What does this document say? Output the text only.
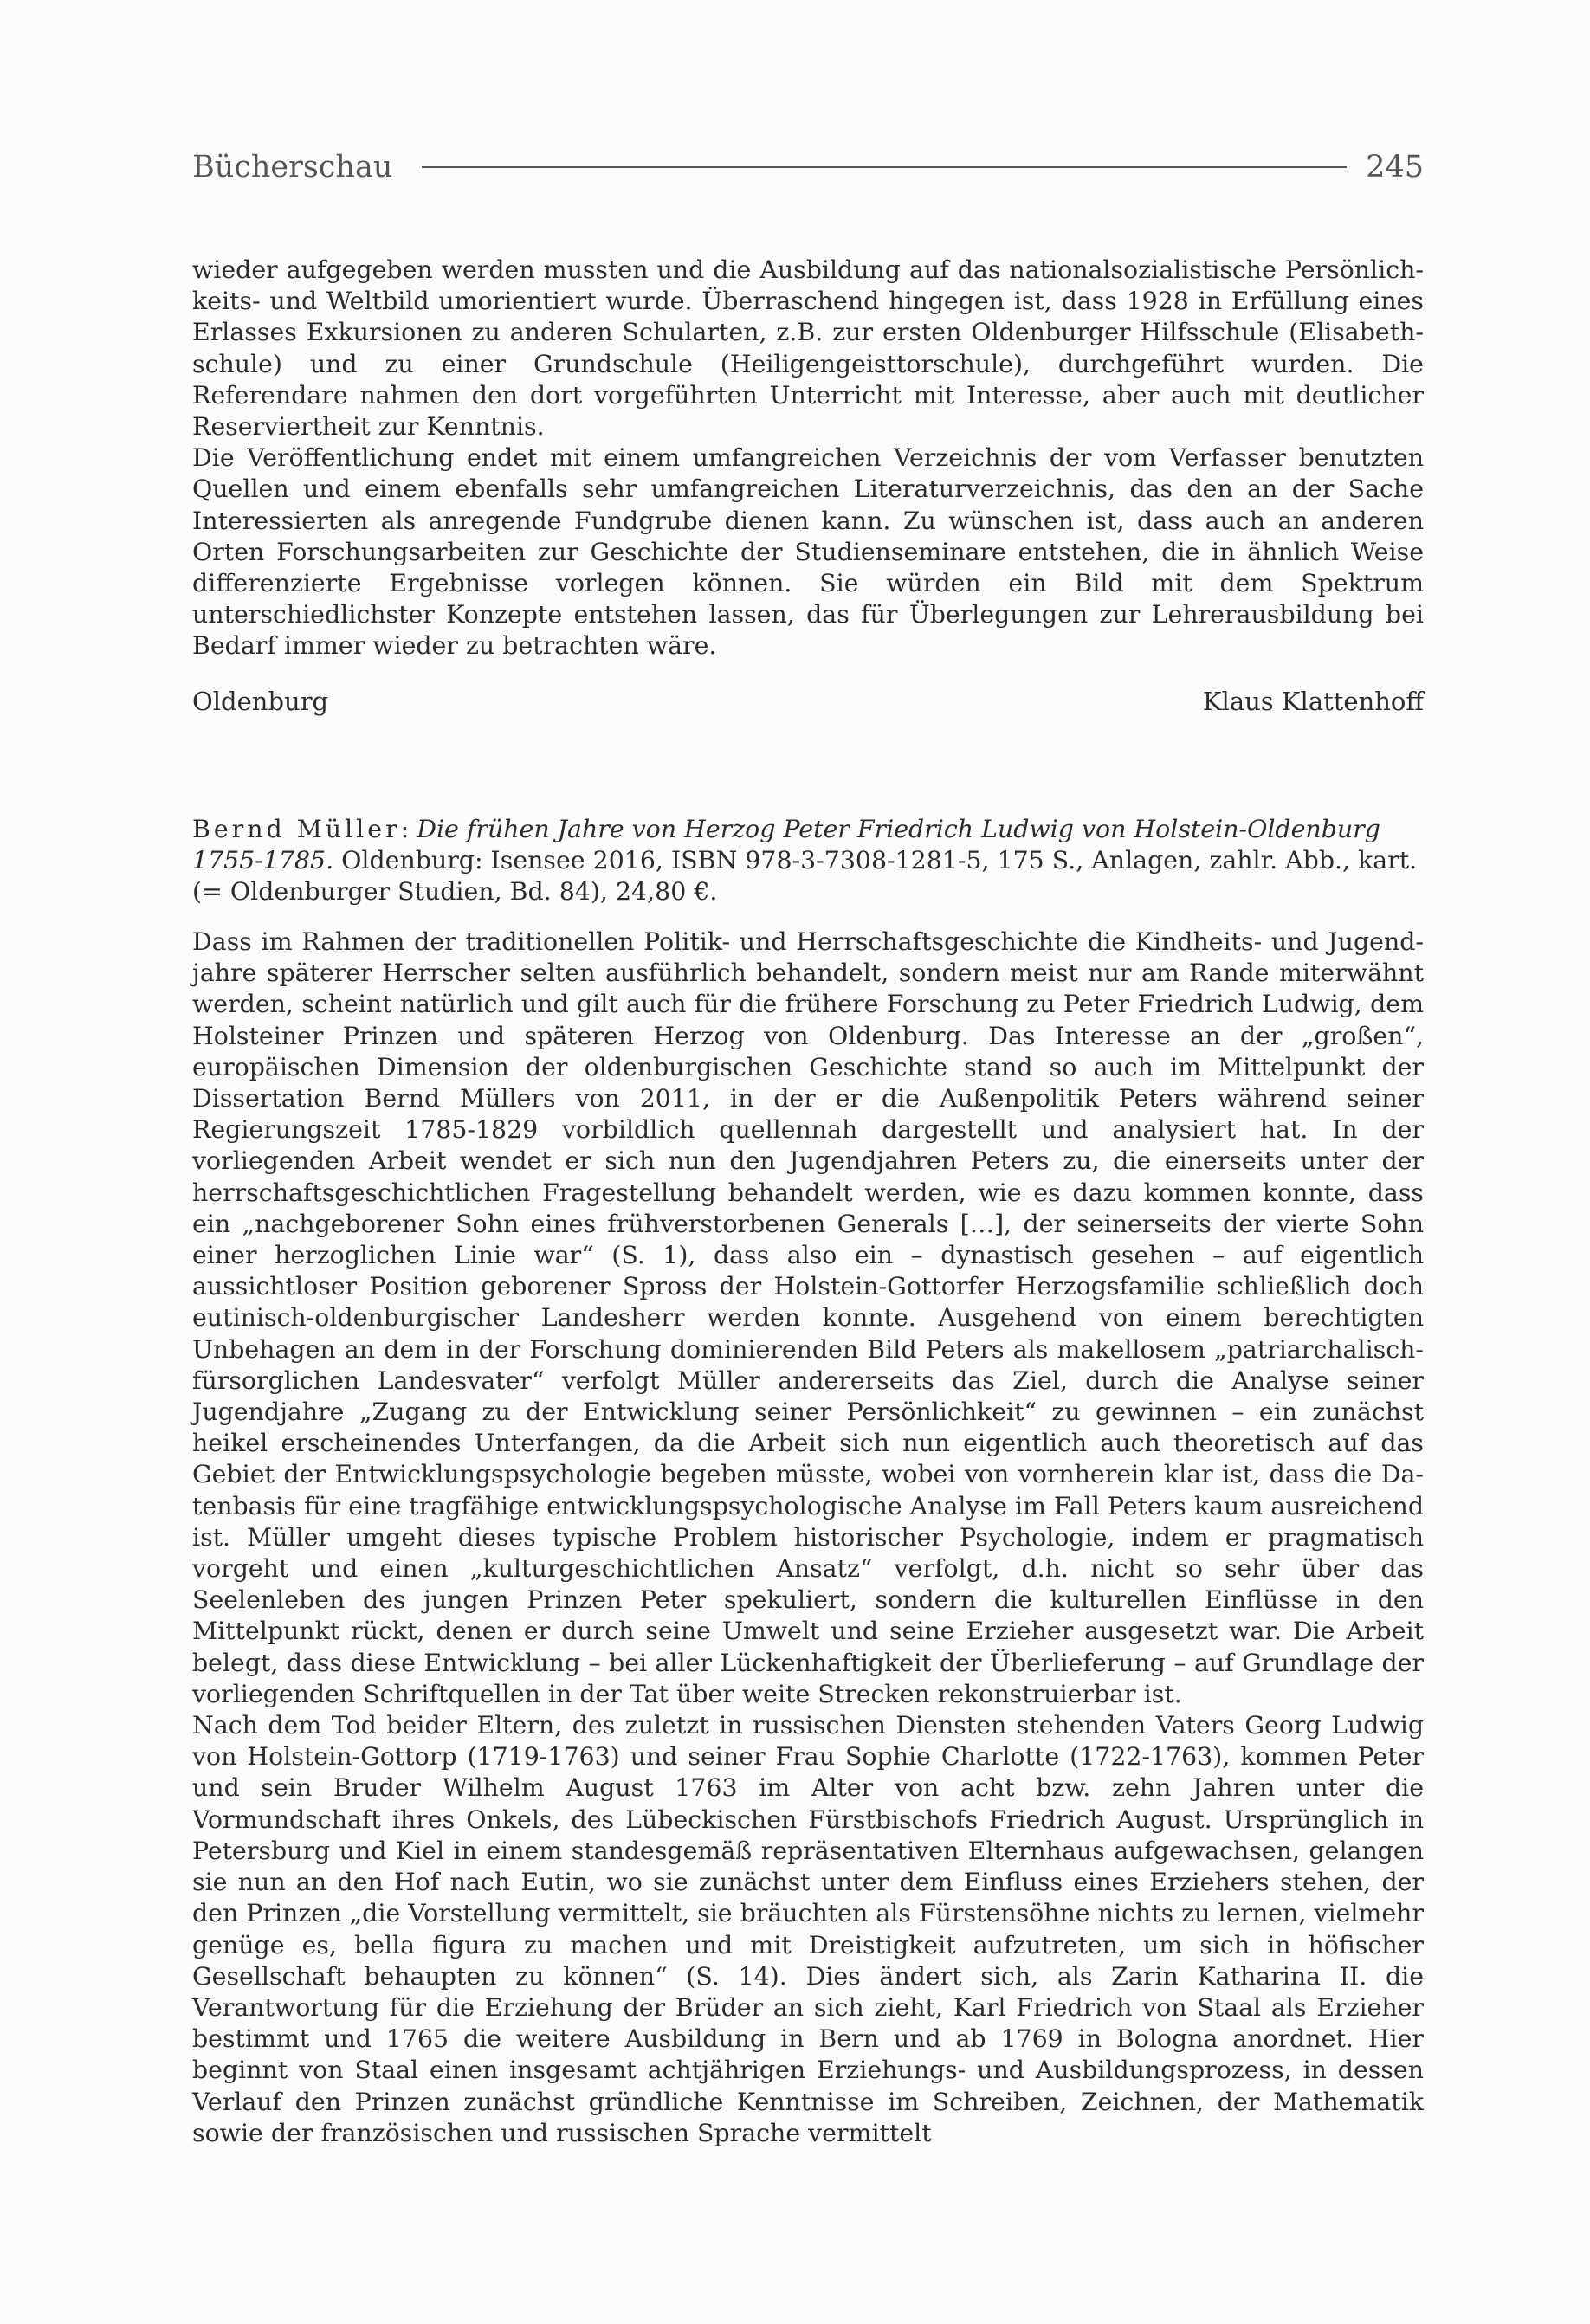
Bücherschau	245

wieder aufgegeben werden mussten und die Ausbildung auf das nationalsozialistische Persönlichkeits- und Weltbild umorientiert wurde. Überraschend hingegen ist, dass 1928 in Erfüllung eines Erlasses Exkursionen zu anderen Schularten, z.B. zur ersten Oldenburger Hilfsschule (Elisabethschule) und zu einer Grundschule (Heiligengeisttorschule), durchgeführt wurden. Die Referendare nahmen den dort vorgeführten Unterricht mit Interesse, aber auch mit deutlicher Reserviertheit zur Kenntnis.

Die Veröffentlichung endet mit einem umfangreichen Verzeichnis der vom Verfasser benutzten Quellen und einem ebenfalls sehr umfangreichen Literaturverzeichnis, das den an der Sache Interessierten als anregende Fundgrube dienen kann. Zu wünschen ist, dass auch an anderen Orten Forschungsarbeiten zur Geschichte der Studienseminare entstehen, die in ähnlich Weise differenzierte Ergebnisse vorlegen können. Sie würden ein Bild mit dem Spektrum unterschiedlichster Konzepte entstehen lassen, das für Überlegungen zur Lehrerausbildung bei Bedarf immer wieder zu betrachten wäre.

Oldenburg	Klaus Klattenhoff

Bernd Müller: Die frühen Jahre von Herzog Peter Friedrich Ludwig von Holstein-Oldenburg 1755-1785. Oldenburg: Isensee 2016, ISBN 978-3-7308-1281-5, 175 S., Anlagen, zahlr. Abb., kart. (= Oldenburger Studien, Bd. 84), 24,80 €.

Dass im Rahmen der traditionellen Politik- und Herrschaftsgeschichte die Kindheits- und Jugendjahre späterer Herrscher selten ausführlich behandelt, sondern meist nur am Rande miterwähnt werden, scheint natürlich und gilt auch für die frühere Forschung zu Peter Friedrich Ludwig, dem Holsteiner Prinzen und späteren Herzog von Oldenburg. Das Interesse an der „großen“, europäischen Dimension der oldenburgischen Geschichte stand so auch im Mittelpunkt der Dissertation Bernd Müllers von 2011, in der er die Außenpolitik Peters während seiner Regierungszeit 1785-1829 vorbildlich quellennah dargestellt und analysiert hat. In der vorliegenden Arbeit wendet er sich nun den Jugendjahren Peters zu, die einerseits unter der herrschaftsgeschichtlichen Fragestellung behandelt werden, wie es dazu kommen konnte, dass ein „nachgeborener Sohn eines frühverstorbenen Generals […], der seinerseits der vierte Sohn einer herzoglichen Linie war“ (S. 1), dass also ein – dynastisch gesehen – auf eigentlich aussichtloser Position geborener Spross der Holstein-Gottorfer Herzogsfamilie schließlich doch eutinisch-oldenburgischer Landesherr werden konnte. Ausgehend von einem berechtigten Unbehagen an dem in der Forschung dominierenden Bild Peters als makellosem „patriarchalisch-fürsorglichen Landesvater“ verfolgt Müller andererseits das Ziel, durch die Analyse seiner Jugendjahre „Zugang zu der Entwicklung seiner Persönlichkeit“ zu gewinnen – ein zunächst heikel erscheinendes Unterfangen, da die Arbeit sich nun eigentlich auch theoretisch auf das Gebiet der Entwicklungspsychologie begeben müsste, wobei von vornherein klar ist, dass die Datenbasis für eine tragfähige entwicklungspsychologische Analyse im Fall Peters kaum ausreichend ist. Müller umgeht dieses typische Problem historischer Psychologie, indem er pragmatisch vorgeht und einen „kulturgeschichtlichen Ansatz“ verfolgt, d.h. nicht so sehr über das Seelenleben des jungen Prinzen Peter spekuliert, sondern die kulturellen Einflüsse in den Mittelpunkt rückt, denen er durch seine Umwelt und seine Erzieher ausgesetzt war. Die Arbeit belegt, dass diese Entwicklung – bei aller Lückenhaftigkeit der Überlieferung – auf Grundlage der vorliegenden Schriftquellen in der Tat über weite Strecken rekonstruierbar ist.

Nach dem Tod beider Eltern, des zuletzt in russischen Diensten stehenden Vaters Georg Ludwig von Holstein-Gottorp (1719-1763) und seiner Frau Sophie Charlotte (1722-1763), kommen Peter und sein Bruder Wilhelm August 1763 im Alter von acht bzw. zehn Jahren unter die Vormundschaft ihres Onkels, des Lübeckischen Fürstbischofs Friedrich August. Ursprünglich in Petersburg und Kiel in einem standesgemäß repräsentativen Elternhaus aufgewachsen, gelangen sie nun an den Hof nach Eutin, wo sie zunächst unter dem Einfluss eines Erziehers stehen, der den Prinzen „die Vorstellung vermittelt, sie bräuchten als Fürstensöhne nichts zu lernen, vielmehr genüge es, bella figura zu machen und mit Dreistigkeit aufzutreten, um sich in höfischer Gesellschaft behaupten zu können“ (S. 14). Dies ändert sich, als Zarin Katharina II. die Verantwortung für die Erziehung der Brüder an sich zieht, Karl Friedrich von Staal als Erzieher bestimmt und 1765 die weitere Ausbildung in Bern und ab 1769 in Bologna anordnet. Hier beginnt von Staal einen insgesamt achtjährigen Erziehungs- und Ausbildungsprozess, in dessen Verlauf den Prinzen zunächst gründliche Kenntnisse im Schreiben, Zeichnen, der Mathematik sowie der französischen und russischen Sprache vermittelt
